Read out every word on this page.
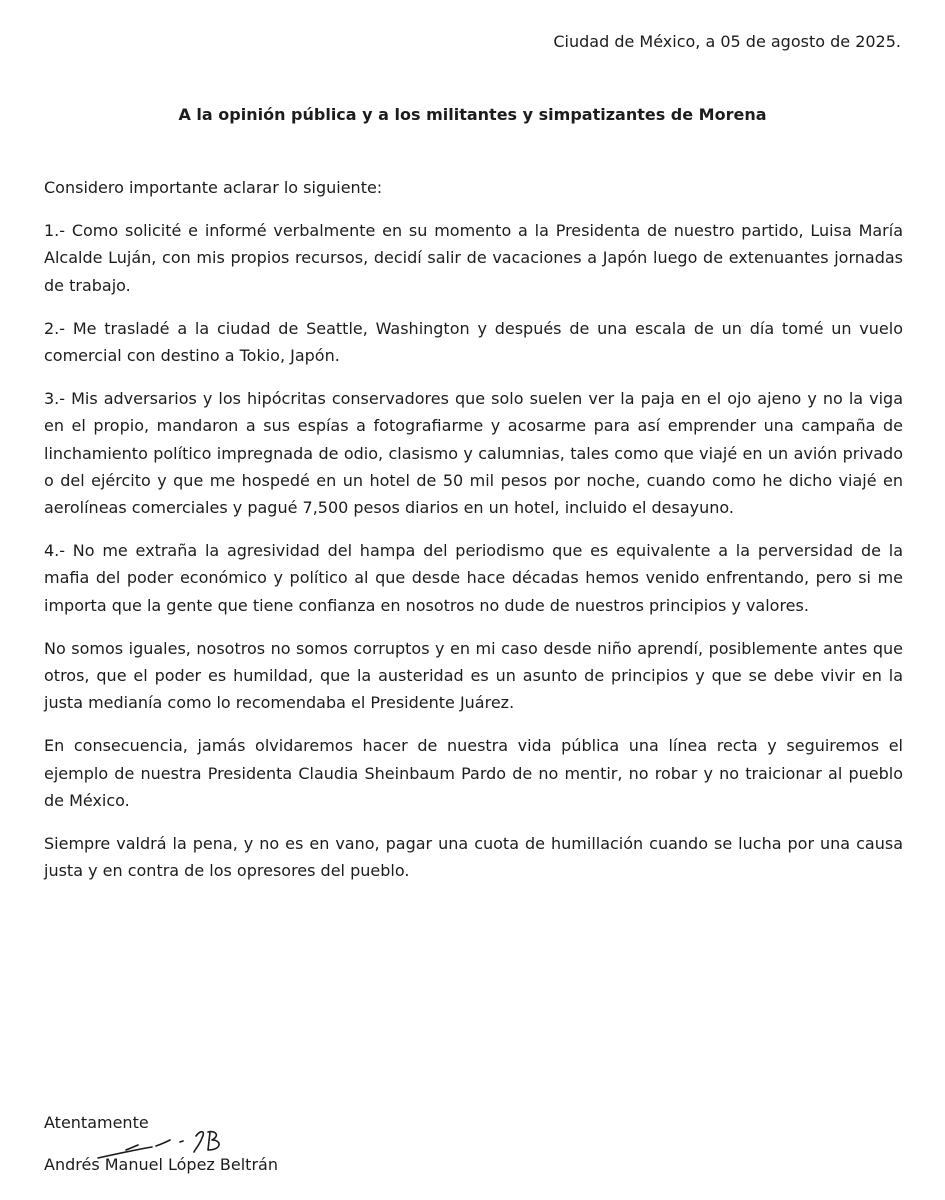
Ciudad de México, a 05 de agosto de 2025.
A la opinión pública y a los militantes y simpatizantes de Morena

Considero importante aclarar lo siguiente:

1.- Como solicité e informé verbalmente en su momento a la Presidenta de nuestro partido, Luisa María Alcalde Luján, con mis propios recursos, decidí salir de vacaciones a Japón luego de extenuantes jornadas de trabajo.

2.- Me trasladé a la ciudad de Seattle, Washington y después de una escala de un día tomé un vuelo comercial con destino a Tokio, Japón.

3.- Mis adversarios y los hipócritas conservadores que solo suelen ver la paja en el ojo ajeno y no la viga en el propio, mandaron a sus espías a fotografiarme y acosarme para así emprender una campaña de linchamiento político impregnada de odio, clasismo y calumnias, tales como que viajé en un avión privado o del ejército y que me hospedé en un hotel de 50 mil pesos por noche, cuando como he dicho viajé en aerolíneas comerciales y pagué 7,500 pesos diarios en un hotel, incluido el desayuno.

4.- No me extraña la agresividad del hampa del periodismo que es equivalente a la perversidad de la mafia del poder económico y político al que desde hace décadas hemos venido enfrentando, pero si me importa que la gente que tiene confianza en nosotros no dude de nuestros principios y valores.

No somos iguales, nosotros no somos corruptos y en mi caso desde niño aprendí, posiblemente antes que otros, que el poder es humildad, que la austeridad es un asunto de principios y que se debe vivir en la justa medianía como lo recomendaba el Presidente Juárez.

En consecuencia, jamás olvidaremos hacer de nuestra vida pública una línea recta y seguiremos el ejemplo de nuestra Presidenta Claudia Sheinbaum Pardo de no mentir, no robar y no traicionar al pueblo de México.

Siempre valdrá la pena, y no es en vano, pagar una cuota de humillación cuando se lucha por una causa justa y en contra de los opresores del pueblo.

Atentamente
Andrés Manuel López Beltrán
